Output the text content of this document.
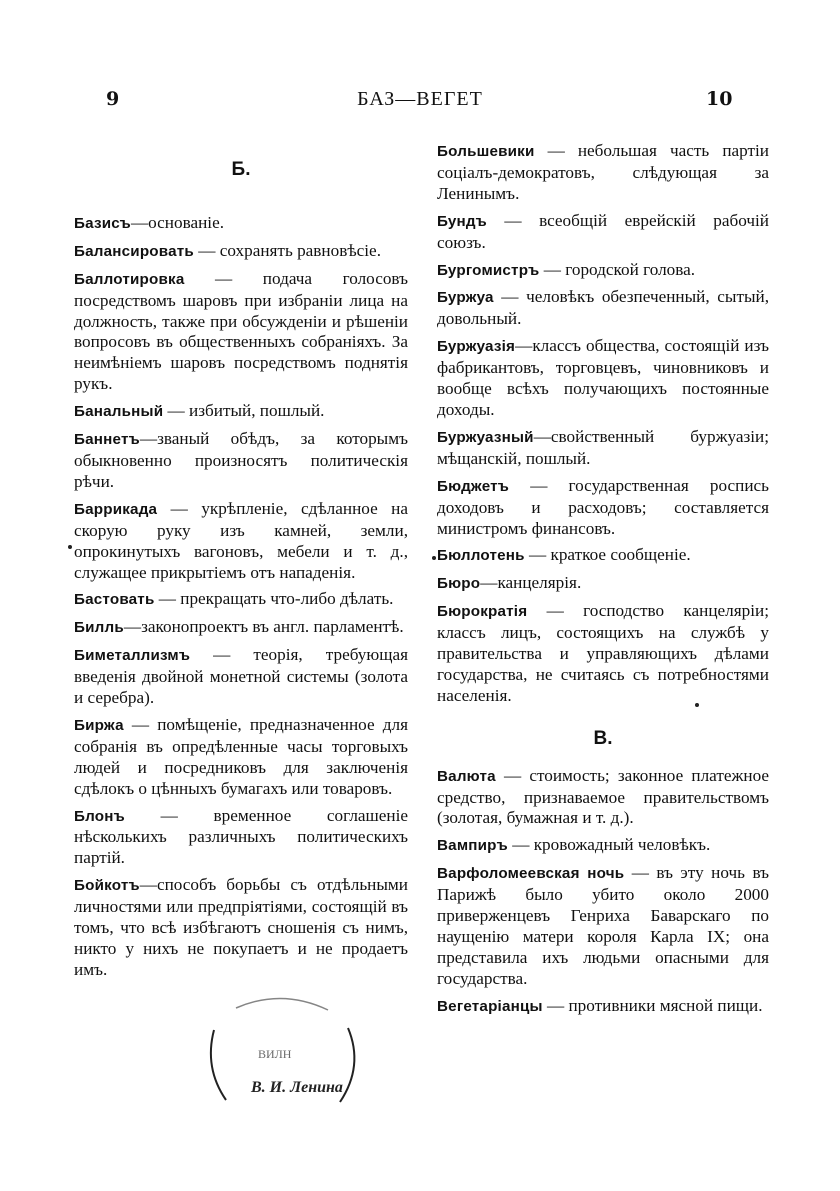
9	БАЗ—ВЕГЕТ	10
Б.
Базисъ—основаніе.
Балансировать — сохранять равновѣсіе.
Баллотировка — подача голосовъ посредствомъ шаровъ при избраніи лица на должность, также при обсужденіи и рѣшеніи вопросовъ въ общественныхъ собраніяхъ. За неимѣніемъ шаровъ посредствомъ поднятія рукъ.
Банальный — избитый, пошлый.
Баннетъ—званый обѣдъ, за которымъ обыкновенно произносятъ политическія рѣчи.
Баррикада — укрѣпленіе, сдѣланное на скорую руку изъ камней, земли, опрокинутыхъ вагоновъ, мебели и т. д., служащее прикрытіемъ отъ нападенія.
Бастовать — прекращать что-либо дѣлать.
Билль—законопроектъ въ англ. парламентѣ.
Биметаллизмъ — теорія, требующая введенія двойной монетной системы (золота и серебра).
Биржа — помѣщеніе, предназначенное для собранія въ опредѣленные часы торговыхъ людей и посредниковъ для заключенія сдѣлокъ о цѣнныхъ бумагахъ или товаровъ.
Блонъ — временное соглашеніе нѣсколькихъ различныхъ политическихъ партій.
Бойкотъ—способъ борьбы съ отдѣльными личностями или предпріятіями, состоящій въ томъ, что всѣ избѣгаютъ сношенія съ нимъ, никто у нихъ не покупаетъ и не продаетъ имъ.
Большевики — небольшая часть партіи соціалъ-демократовъ, слѣдующая за Ленинымъ.
Бундъ — всеобщій еврейскій рабочій союзъ.
Бургомистръ — городской голова.
Буржуа — человѣкъ обезпеченный, сытый, довольный.
Буржуазія—классъ общества, состоящій изъ фабрикантовъ, торговцевъ, чиновниковъ и вообще всѣхъ получающихъ постоянные доходы.
Буржуазный—свойственный буржуазіи; мѣщанскій, пошлый.
Бюджетъ — государственная роспись доходовъ и расходовъ; составляется министромъ финансовъ.
Бюллотень — краткое сообщеніе.
Бюро—канцелярія.
Бюрократія — господство канцеляріи; классъ лицъ, состоящихъ на службѣ у правительства и управляющихъ дѣлами государства, не считаясь съ потребностями населенія.
В.
Валюта — стоимость; законное платежное средство, признаваемое правительствомъ (золотая, бумажная и т. д.).
Вампиръ — кровожадный человѣкъ.
Варфоломеевская ночь — въ эту ночь въ Парижѣ было убито около 2000 приверженцевъ Генриха Баварскаго по наущенію матери короля Карла IX; она представила ихъ людьми опасными для государства.
Вегетаріанцы — противники мясной пищи.
ВИЛН
В. И. Ленина
